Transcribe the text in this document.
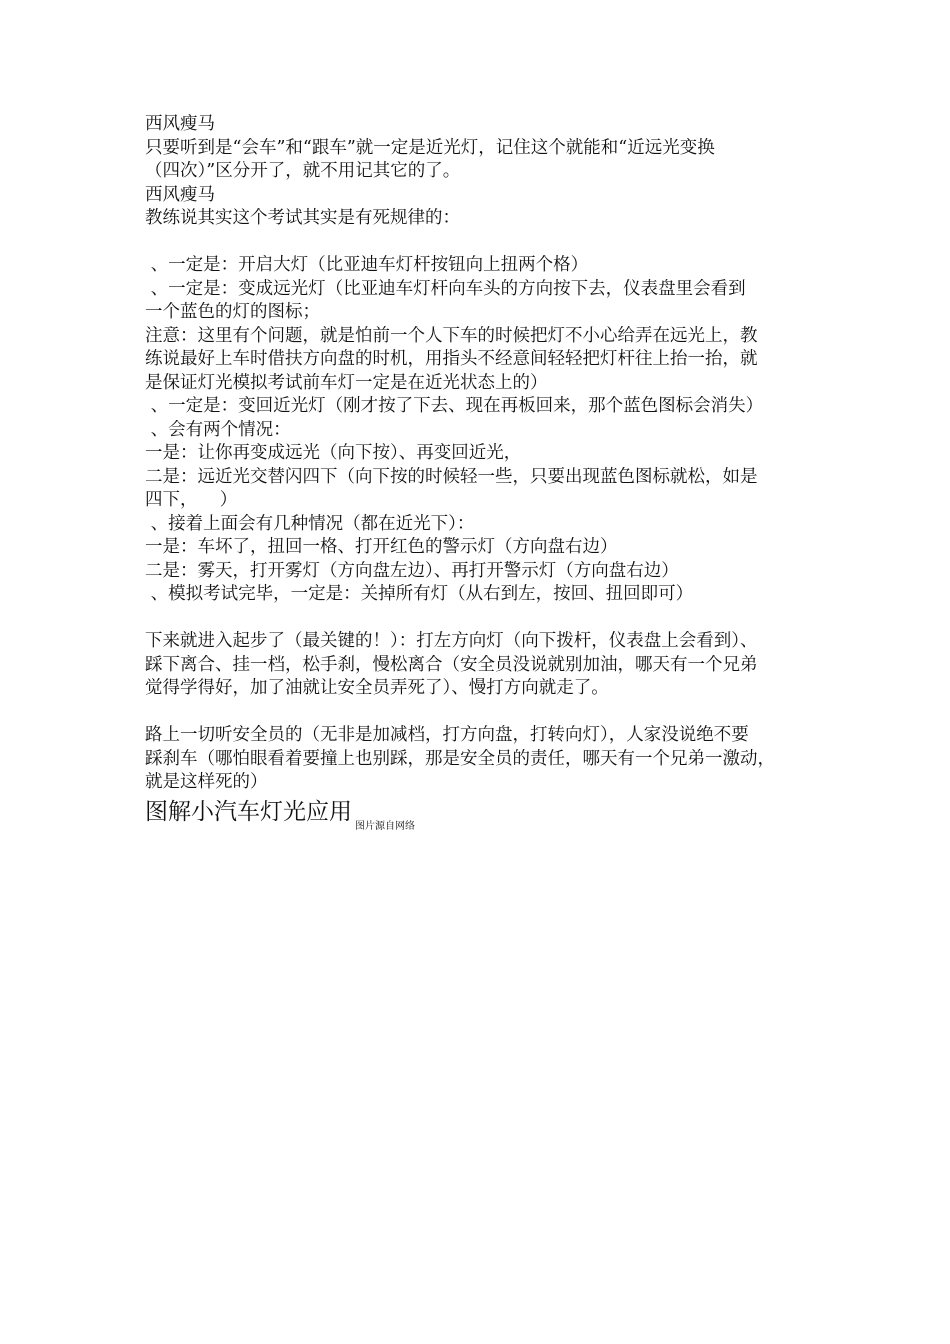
西风瘦马

只要听到是“会车”和“跟车”就一定是近光灯，记住这个就能和“近远光变换

（四次）”区分开了，就不用记其它的了。

西风瘦马

教练说其实这个考试其实是有死规律的：

、一定是：开启大灯（比亚迪车灯杆按钮向上扭两个格）

、一定是：变成远光灯（比亚迪车灯杆向车头的方向按下去，仪表盘里会看到

一个蓝色的灯的图标；

注意：这里有个问题，就是怕前一个人下车的时候把灯不小心给弄在远光上，教

练说最好上车时借扶方向盘的时机，用指头不经意间轻轻把灯杆往上抬一抬，就

是保证灯光模拟考试前车灯一定是在近光状态上的）

、一定是：变回近光灯（刚才按了下去、现在再板回来，那个蓝色图标会消失）

、会有两个情况：

一是：让你再变成远光（向下按）、再变回近光，

二是：远近光交替闪四下（向下按的时候轻一些，只要出现蓝色图标就松，如是

四下，    ）

、接着上面会有几种情况（都在近光下）：

一是：车坏了，扭回一格、打开红色的警示灯（方向盘右边）

二是：雾天，打开雾灯（方向盘左边）、再打开警示灯（方向盘右边）

、模拟考试完毕，一定是：关掉所有灯（从右到左，按回、扭回即可）

下来就进入起步了（最关键的！）：打左方向灯（向下拨杆，仪表盘上会看到）、

踩下离合、挂一档，松手刹，慢松离合（安全员没说就别加油，哪天有一个兄弟

觉得学得好，加了油就让安全员弄死了）、慢打方向就走了。

路上一切听安全员的（无非是加减档，打方向盘，打转向灯），人家没说绝不要

踩刹车（哪怕眼看着要撞上也别踩，那是安全员的责任，哪天有一个兄弟一激动，

就是这样死的）

图解小汽车灯光应用$_{图片源自网络}$
